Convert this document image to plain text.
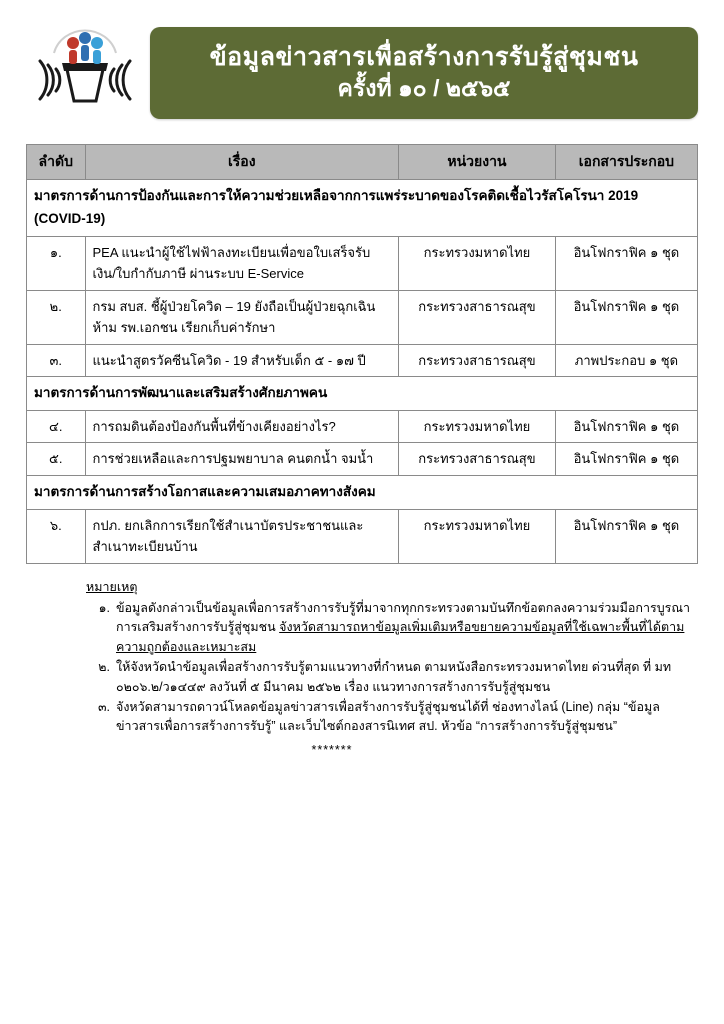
ข้อมูลข่าวสารเพื่อสร้างการรับรู้สู่ชุมชน
ครั้งที่ ๑๐ / ๒๕๖๕
ลำดับ	เรื่อง	หน่วยงาน	เอกสารประกอบ
มาตรการด้านการป้องกันและการให้ความช่วยเหลือจากการแพร่ระบาดของโรคติดเชื้อไวรัสโคโรนา 2019 (COVID-19)			
๑.	PEA แนะนำผู้ใช้ไฟฟ้าลงทะเบียนเพื่อขอใบเสร็จรับเงิน/ใบกำกับภาษี ผ่านระบบ E-Service	กระทรวงมหาดไทย	อินโฟกราฟิค ๑ ชุด
๒.	กรม สบส. ชี้ผู้ป่วยโควิด – 19 ยังถือเป็นผู้ป่วยฉุกเฉิน ห้าม รพ.เอกชน เรียกเก็บค่ารักษา	กระทรวงสาธารณสุข	อินโฟกราฟิค ๑ ชุด
๓.	แนะนำสูตรวัคซีนโควิด - 19 สำหรับเด็ก ๕ - ๑๗ ปี	กระทรวงสาธารณสุข	ภาพประกอบ ๑ ชุด
มาตรการด้านการพัฒนาและเสริมสร้างศักยภาพคน			
๔.	การถมดินต้องป้องกันพื้นที่ข้างเคียงอย่างไร?	กระทรวงมหาดไทย	อินโฟกราฟิค ๑ ชุด
๕.	การช่วยเหลือและการปฐมพยาบาล คนตกน้ำ จมน้ำ	กระทรวงสาธารณสุข	อินโฟกราฟิค ๑ ชุด
มาตรการด้านการสร้างโอกาสและความเสมอภาคทางสังคม			
๖.	กปภ. ยกเลิกการเรียกใช้สำเนาบัตรประชาชนและสำเนาทะเบียนบ้าน	กระทรวงมหาดไทย	อินโฟกราฟิค ๑ ชุด
หมายเหตุ
๑. ข้อมูลดังกล่าวเป็นข้อมูลเพื่อการสร้างการรับรู้ที่มาจากทุกกระทรวงตามบันทึกข้อตกลงความร่วมมือการบูรณาการเสริมสร้างการรับรู้สู่ชุมชน จังหวัดสามารถหาข้อมูลเพิ่มเติมหรือขยายความข้อมูลที่ใช้เฉพาะพื้นที่ได้ตามความถูกต้องและเหมาะสม
๒. ให้จังหวัดนำข้อมูลเพื่อสร้างการรับรู้ตามแนวทางที่กำหนด ตามหนังสือกระทรวงมหาดไทย ด่วนที่สุด ที่ มท ๐๒๐๖.๒/ว๑๔๔๙ ลงวันที่ ๕ มีนาคม ๒๕๖๒ เรื่อง แนวทางการสร้างการรับรู้สู่ชุมชน
๓. จังหวัดสามารถดาวน์โหลดข้อมูลข่าวสารเพื่อสร้างการรับรู้สู่ชุมชนได้ที่ ช่องทางไลน์ (Line) กลุ่ม “ข้อมูลข่าวสารเพื่อการสร้างการรับรู้” และเว็บไซต์กองสารนิเทศ สป. หัวข้อ “การสร้างการรับรู้สู่ชุมชน”
*******
